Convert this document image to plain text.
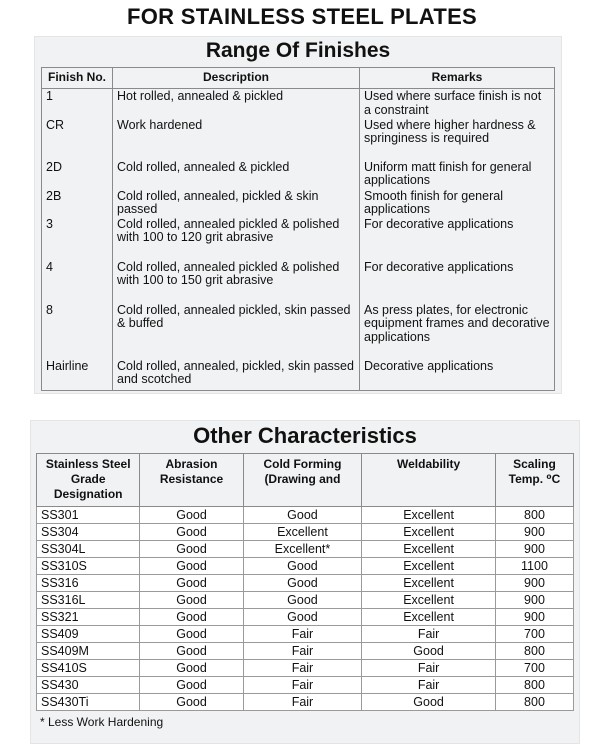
FOR STAINLESS STEEL PLATES
Range Of Finishes
Finish No.	Description	Remarks
1	Hot rolled, annealed & pickled	Used where surface finish is not a constraint
CR	Work hardened	Used where higher hardness & springiness is required
2D	Cold rolled, annealed & pickled	Uniform matt finish for general applications
2B	Cold rolled, annealed, pickled & skin passed	Smooth finish for general applications
3	Cold rolled, annealed pickled & polished with 100 to 120 grit abrasive	For decorative applications
4	Cold rolled, annealed pickled & polished with 100 to 150 grit abrasive	For decorative applications
8	Cold rolled, annealed pickled, skin passed & buffed	As press plates, for electronic equipment frames and decorative applications
Hairline	Cold rolled, annealed, pickled, skin passed and scotched	Decorative applications
Other Characteristics
Stainless Steel Grade Designation	Abrasion Resistance	Cold Forming (Drawing and	Weldability	Scaling Temp. ⁰C
SS301	Good	Good	Excellent	800
SS304	Good	Excellent	Excellent	900
SS304L	Good	Excellent*	Excellent	900
SS310S	Good	Good	Excellent	1100
SS316	Good	Good	Excellent	900
SS316L	Good	Good	Excellent	900
SS321	Good	Good	Excellent	900
SS409	Good	Fair	Fair	700
SS409M	Good	Fair	Good	800
SS410S	Good	Fair	Fair	700
SS430	Good	Fair	Fair	800
SS430Ti	Good	Fair	Good	800
* Less Work Hardening
